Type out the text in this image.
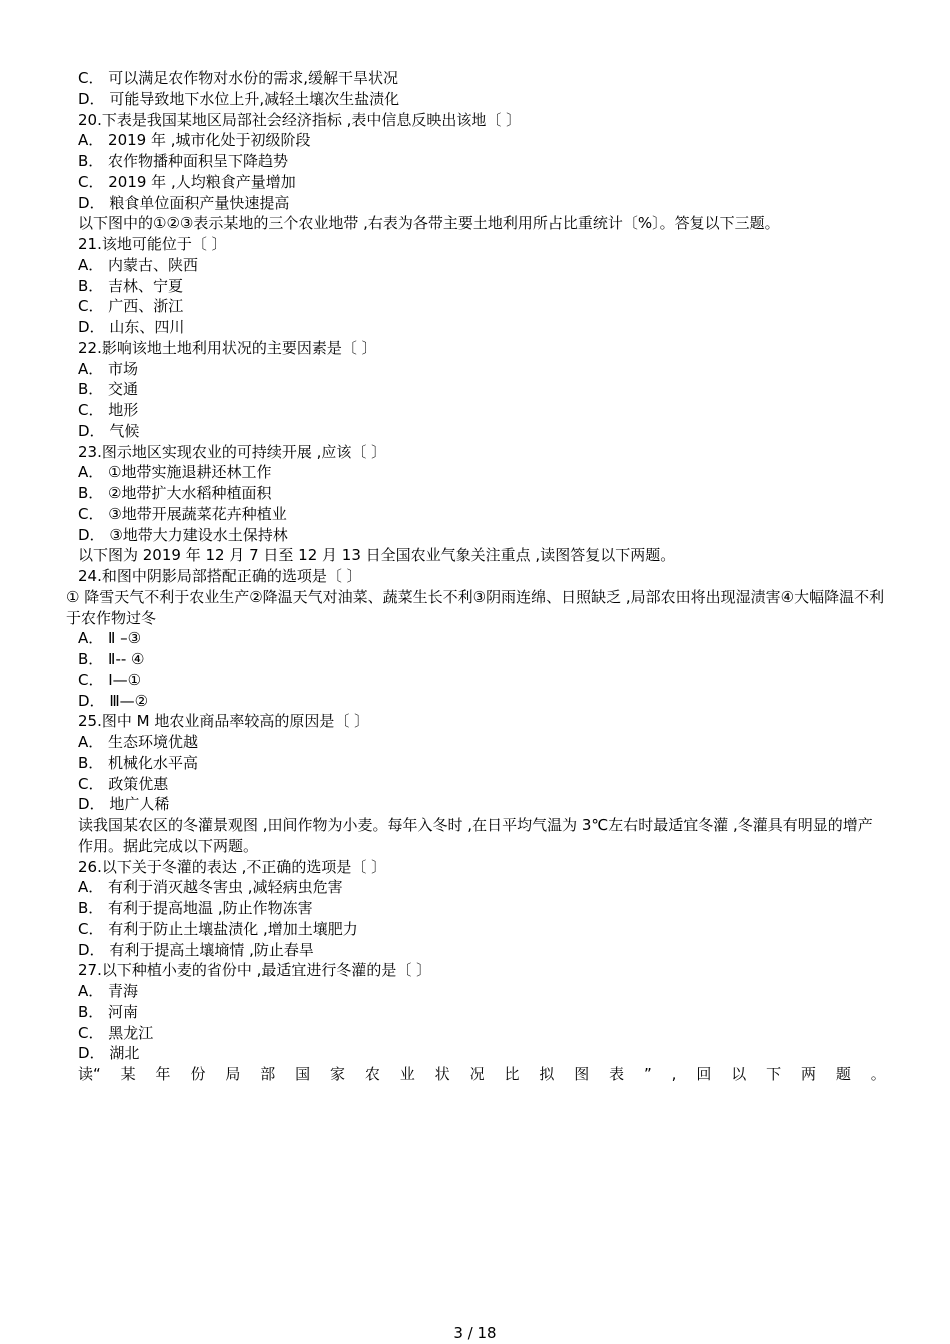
C． 可以满足农作物对水份的需求,缓解干旱状况
D． 可能导致地下水位上升,减轻土壤次生盐渍化
20.下表是我国某地区局部社会经济指标 ,表中信息反映出该地〔 〕
A． 2019 年 ,城市化处于初级阶段
B． 农作物播种面积呈下降趋势
C． 2019 年 ,人均粮食产量增加
D． 粮食单位面积产量快速提高
以下图中的①②③表示某地的三个农业地带 ,右表为各带主要土地利用所占比重统计〔%〕。答复以下三题。
21.该地可能位于〔 〕
A． 内蒙古、陕西
B． 吉林、宁夏
C． 广西、浙江
D． 山东、四川
22.影响该地土地利用状况的主要因素是〔 〕
A． 市场
B． 交通
C． 地形
D． 气候
23.图示地区实现农业的可持续开展 ,应该〔 〕
A． ①地带实施退耕还林工作
B． ②地带扩大水稻种植面积
C． ③地带开展蔬菜花卉种植业
D． ③地带大力建设水土保持林
以下图为 2019 年 12 月 7 日至 12 月 13 日全国农业气象关注重点 ,读图答复以下两题。
24.和图中阴影局部搭配正确的选项是〔 〕
① 降雪天气不利于农业生产②降温天气对油菜、蔬菜生长不利③阴雨连绵、日照缺乏 ,局部农田将出现湿渍害④大幅降温不利于农作物过冬
A． Ⅱ –③
B． Ⅱ-- ④
C． Ⅰ—①
D． Ⅲ—②
25.图中 M 地农业商品率较高的原因是〔 〕
A． 生态环境优越
B． 机械化水平高
C． 政策优惠
D． 地广人稀
读我国某农区的冬灌景观图 ,田间作物为小麦。每年入冬时 ,在日平均气温为 3℃左右时最适宜冬灌 ,冬灌具有明显的增产作用。据此完成以下两题。
26.以下关于冬灌的表达 ,不正确的选项是〔 〕
A． 有利于消灭越冬害虫 ,减轻病虫危害
B． 有利于提高地温 ,防止作物冻害
C． 有利于防止土壤盐渍化 ,增加土壤肥力
D． 有利于提高土壤墒情 ,防止春旱
27.以下种植小麦的省份中 ,最适宜进行冬灌的是〔 〕
A． 青海
B． 河南
C． 黑龙江
D． 湖北
读“ 某 年 份 局 部 国 家 农 业 状 况 比 拟 图 表 ” , 回 以 下 两 题 。
3 / 18
